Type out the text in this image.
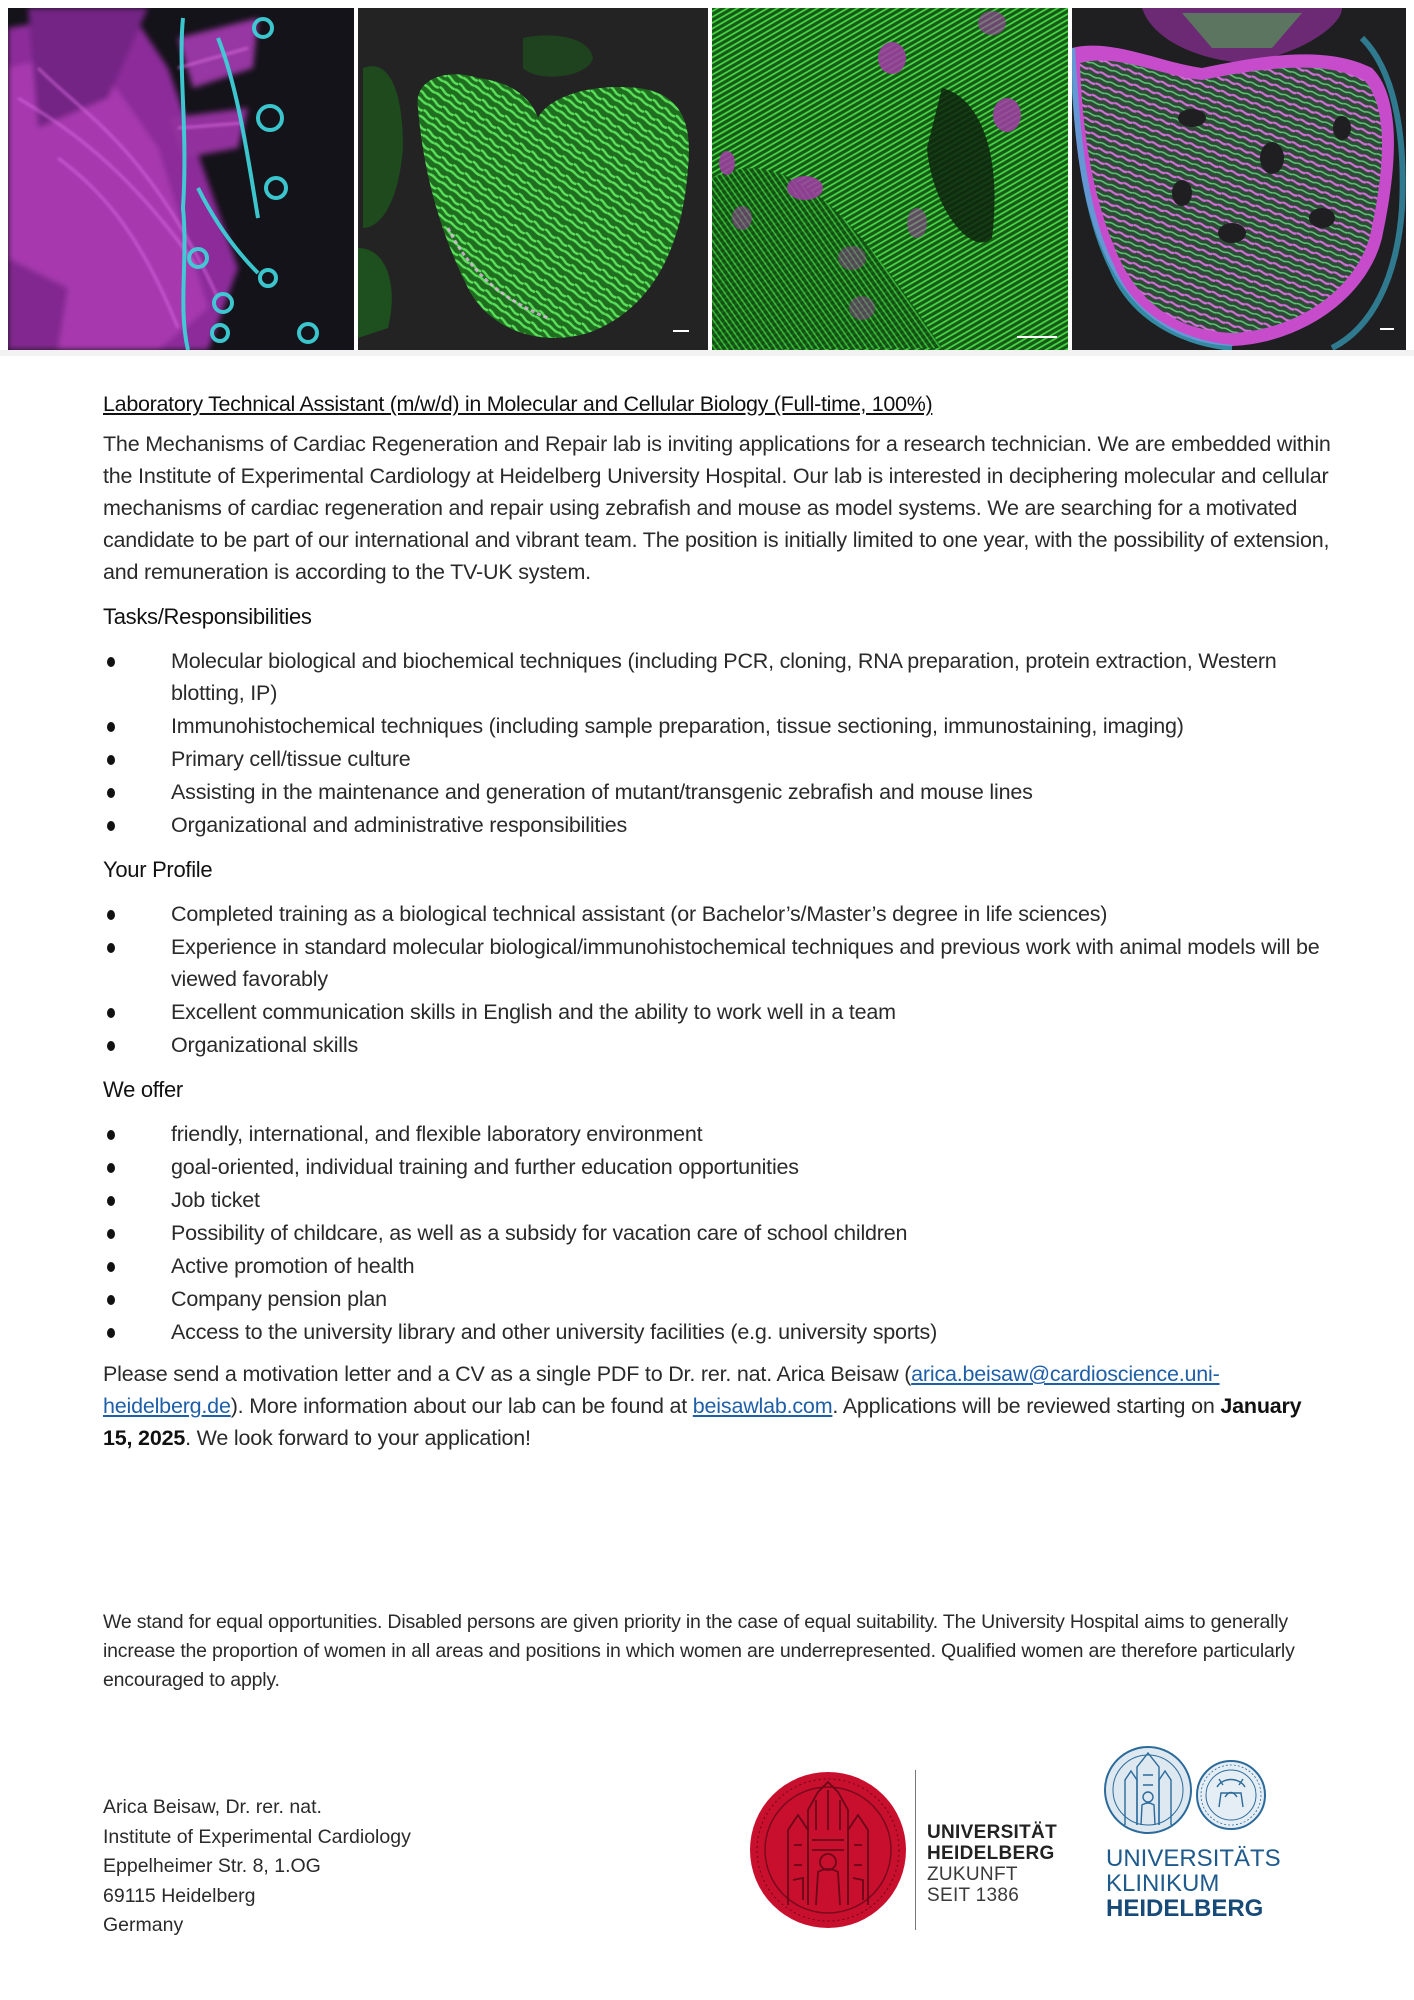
Laboratory Technical Assistant (m/w/d) in Molecular and Cellular Biology (Full-time, 100%)

The Mechanisms of Cardiac Regeneration and Repair lab is inviting applications for a research technician. We are embedded within the Institute of Experimental Cardiology at Heidelberg University Hospital. Our lab is interested in deciphering molecular and cellular mechanisms of cardiac regeneration and repair using zebrafish and mouse as model systems. We are searching for a motivated candidate to be part of our international and vibrant team. The position is initially limited to one year, with the possibility of extension, and remuneration is according to the TV-UK system.

Tasks/Responsibilities
Molecular biological and biochemical techniques (including PCR, cloning, RNA preparation, protein extraction, Western blotting, IP)
Immunohistochemical techniques (including sample preparation, tissue sectioning, immunostaining, imaging)
Primary cell/tissue culture
Assisting in the maintenance and generation of mutant/transgenic zebrafish and mouse lines
Organizational and administrative responsibilities
Your Profile
Completed training as a biological technical assistant (or Bachelor’s/Master’s degree in life sciences)
Experience in standard molecular biological/immunohistochemical techniques and previous work with animal models will be viewed favorably
Excellent communication skills in English and the ability to work well in a team
Organizational skills
We offer
friendly, international, and flexible laboratory environment
goal-oriented, individual training and further education opportunities
Job ticket
Possibility of childcare, as well as a subsidy for vacation care of school children
Active promotion of health
Company pension plan
Access to the university library and other university facilities (e.g. university sports)

Please send a motivation letter and a CV as a single PDF to Dr. rer. nat. Arica Beisaw (arica.beisaw@cardioscience.uni-heidelberg.de). More information about our lab can be found at beisawlab.com. Applications will be reviewed starting on January 15, 2025. We look forward to your application!

We stand for equal opportunities. Disabled persons are given priority in the case of equal suitability. The University Hospital aims to generally increase the proportion of women in all areas and positions in which women are underrepresented. Qualified women are therefore particularly encouraged to apply.
Arica Beisaw, Dr. rer. nat.
Institute of Experimental Cardiology
Eppelheimer Str. 8, 1.OG
69115 Heidelberg
Germany
UNIVERSITÄT
HEIDELBERG
ZUKUNFT
SEIT 1386
UNIVERSITÄTS
KLINIKUM
HEIDELBERG
